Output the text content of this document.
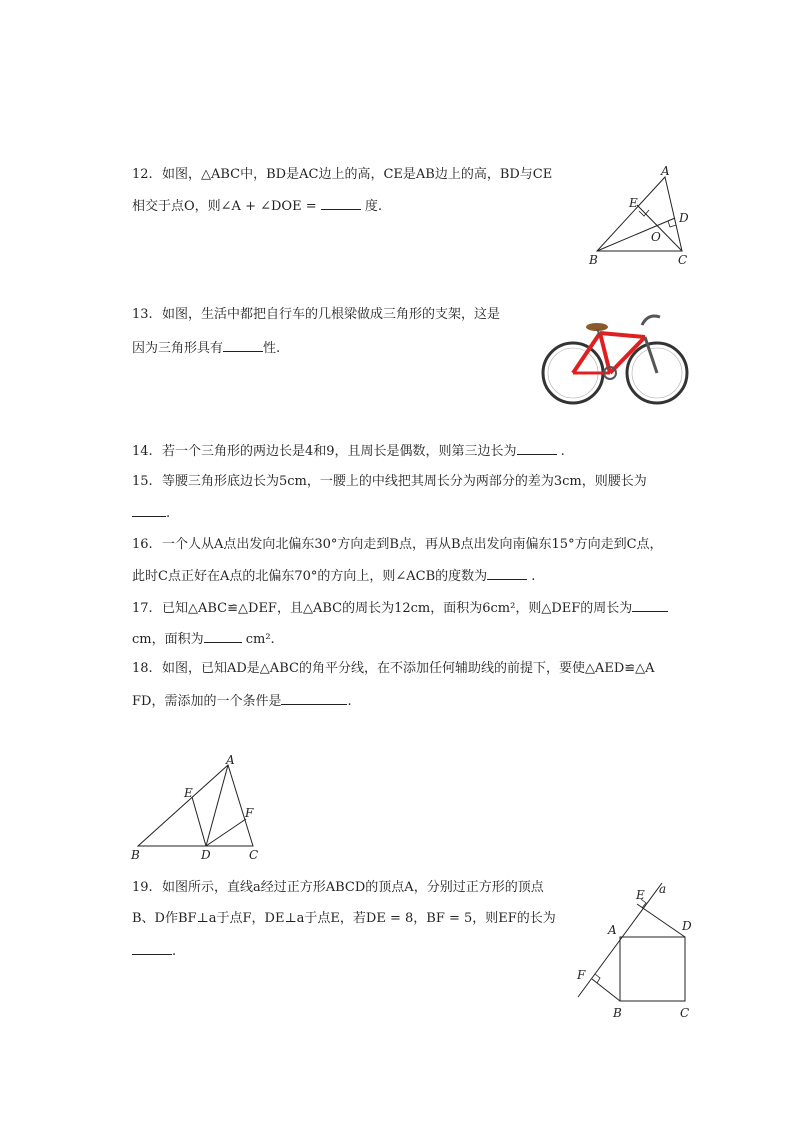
12. 如图，△ABC中，BD是AC边上的高，CE是AB边上的高，BD与CE
相交于点O，则∠A + ∠DOE =	度.
A
B	C
D
E
O
13. 如图，生活中都把自行车的几根梁做成三角形的支架，这是
因为三角形具有	性.
14. 若一个三角形的两边长是4和9，且周长是偶数，则第三边长为	.
15. 等腰三角形底边长为5cm，一腰上的中线把其周长分为两部分的差为3cm，则腰长为
.
16. 一个人从A点出发向北偏东30°方向走到B点，再从B点出发向南偏东15°方向走到C点，
此时C点正好在A点的北偏东70°的方向上，则∠ACB的度数为	.
17. 已知△ABC≌△DEF，且△ABC的周长为12cm，面积为6cm²，则△DEF的周长为
cm，面积为	cm².
18. 如图，已知AD是△ABC的角平分线，在不添加任何辅助线的前提下，要使△AED≌△A
FD，需添加的一个条件是	.
A
B	C
D
E
F
19. 如图所示，直线a经过正方形ABCD的顶点A，分别过正方形的顶点
B、D作BF⊥a于点F，DE⊥a于点E，若DE = 8，BF = 5，则EF的长为
.
E a
A	D
F
B	C
